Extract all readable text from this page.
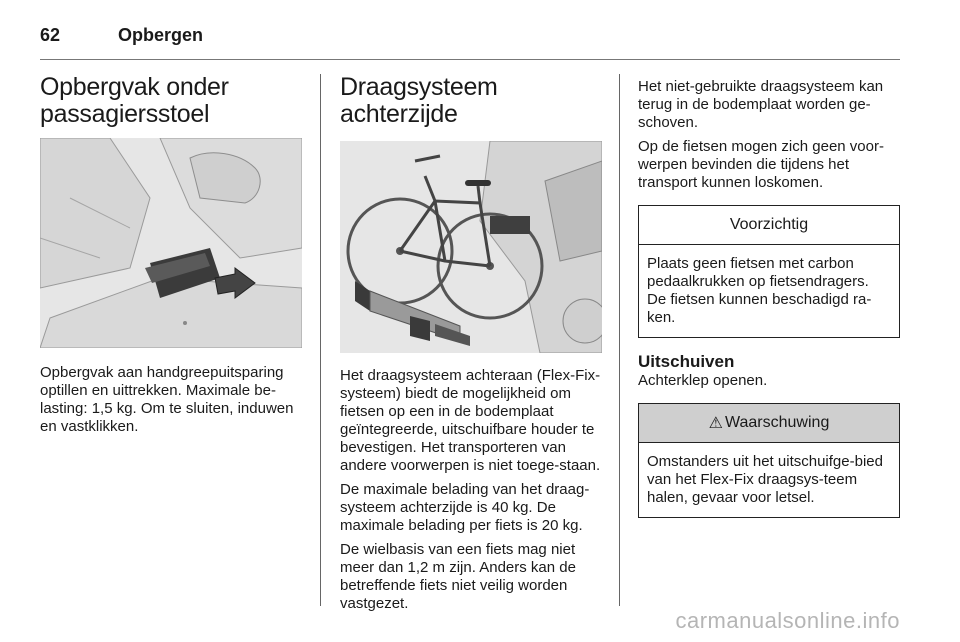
62	Opbergen
Opbergvak onder passagiersstoel

Opbergvak aan handgreepuitsparing optillen en uittrekken. Maximale be-lasting: 1,5 kg. Om te sluiten, induwen en vastklikken.

Draagsysteem achterzijde

Het draagsysteem achteraan (Flex-Fix-systeem) biedt de mogelijkheid om fietsen op een in de bodemplaat geïntegreerde, uitschuifbare houder te bevestigen. Het transporteren van andere voorwerpen is niet toege-staan.

De maximale belading van het draag-systeem achterzijde is 40 kg. De maximale belading per fiets is 20 kg.

De wielbasis van een fiets mag niet meer dan 1,2 m zijn. Anders kan de betreffende fiets niet veilig worden vastgezet.

Het niet-gebruikte draagsysteem kan terug in de bodemplaat worden ge-schoven.

Op de fietsen mogen zich geen voor-werpen bevinden die tijdens het transport kunnen loskomen.

Voorzichtig

Plaats geen fietsen met carbon pedaalkrukken op fietsendragers. De fietsen kunnen beschadigd ra-ken.

Uitschuiven

Achterklep openen.

⚠ Waarschuwing

Omstanders uit het uitschuifge-bied van het Flex-Fix draagsys-teem halen, gevaar voor letsel.

carmanualsonline.info
